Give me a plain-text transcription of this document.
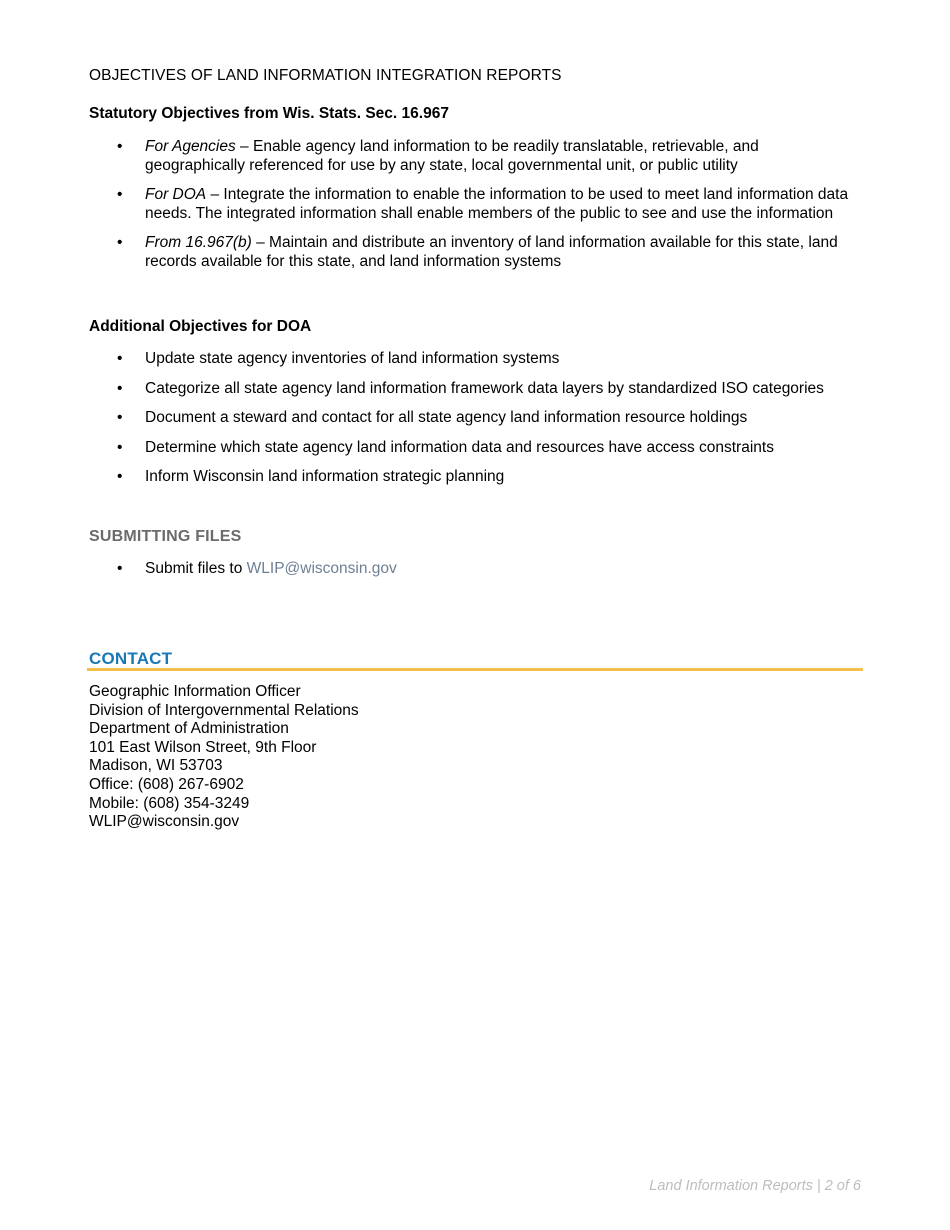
OBJECTIVES OF LAND INFORMATION INTEGRATION REPORTS
Statutory Objectives from Wis. Stats. Sec. 16.967
• For Agencies – Enable agency land information to be readily translatable, retrievable, and geographically referenced for use by any state, local governmental unit, or public utility
• For DOA – Integrate the information to enable the information to be used to meet land information data needs. The integrated information shall enable members of the public to see and use the information
• From 16.967(b) – Maintain and distribute an inventory of land information available for this state, land records available for this state, and land information systems
Additional Objectives for DOA
• Update state agency inventories of land information systems
• Categorize all state agency land information framework data layers by standardized ISO categories
• Document a steward and contact for all state agency land information resource holdings
• Determine which state agency land information data and resources have access constraints
• Inform Wisconsin land information strategic planning
SUBMITTING FILES
• Submit files to WLIP@wisconsin.gov
CONTACT
Geographic Information Officer
Division of Intergovernmental Relations
Department of Administration
101 East Wilson Street, 9th Floor
Madison, WI 53703
Office: (608) 267-6902
Mobile: (608) 354-3249
WLIP@wisconsin.gov
Land Information Reports | 2 of 6
